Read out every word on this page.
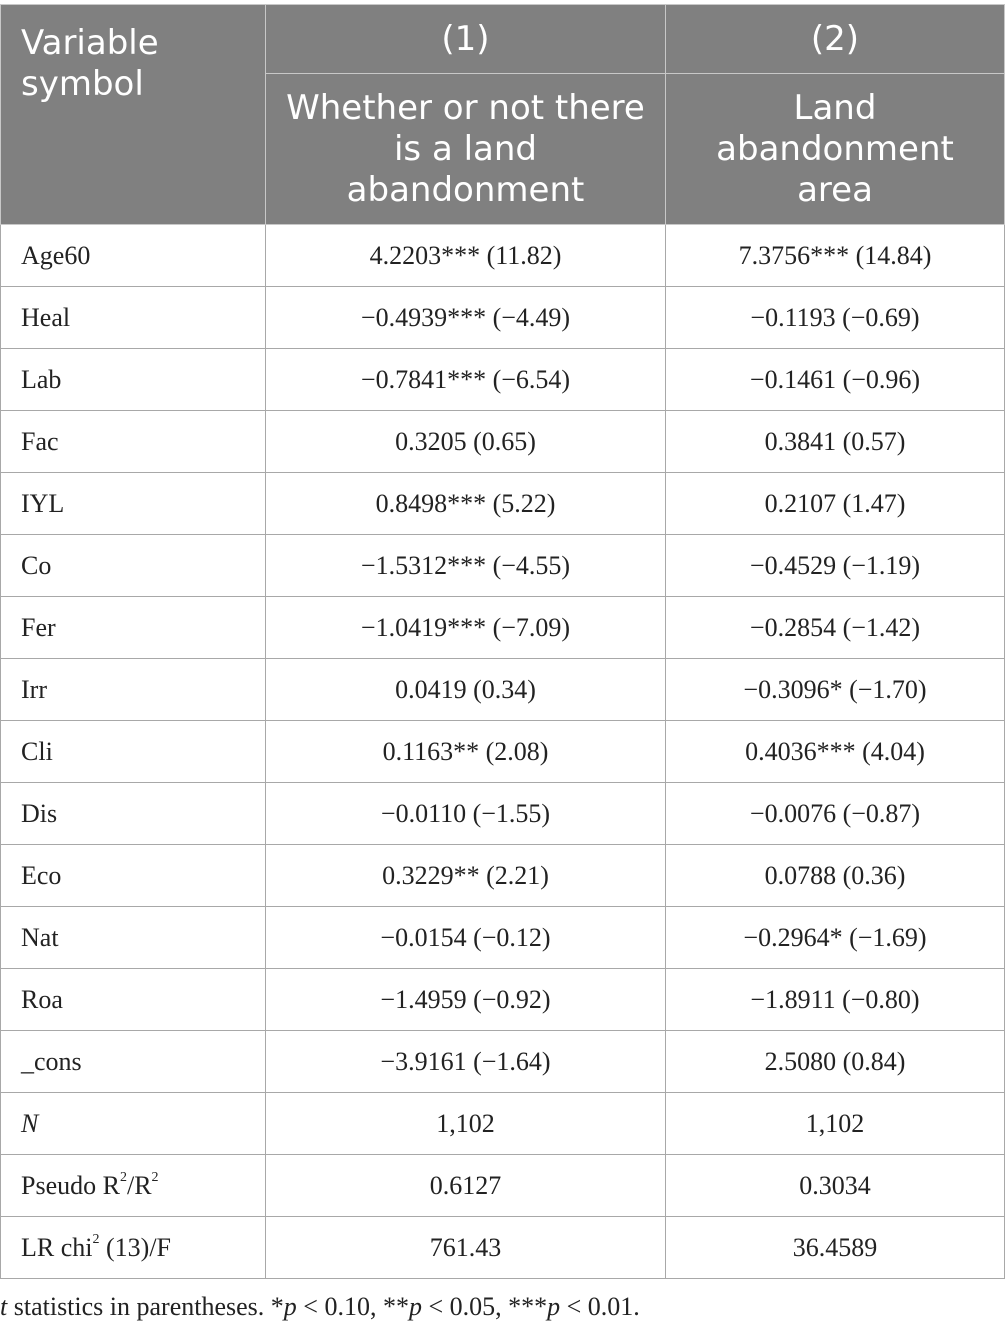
Variable symbol	(1)	(2)
	Whether or not there is a land abandonment	Land abandonment area
Age60	4.2203*** (11.82)	7.3756*** (14.84)
Heal	−0.4939*** (−4.49)	−0.1193 (−0.69)
Lab	−0.7841*** (−6.54)	−0.1461 (−0.96)
Fac	0.3205 (0.65)	0.3841 (0.57)
IYL	0.8498*** (5.22)	0.2107 (1.47)
Co	−1.5312*** (−4.55)	−0.4529 (−1.19)
Fer	−1.0419*** (−7.09)	−0.2854 (−1.42)
Irr	0.0419 (0.34)	−0.3096* (−1.70)
Cli	0.1163** (2.08)	0.4036*** (4.04)
Dis	−0.0110 (−1.55)	−0.0076 (−0.87)
Eco	0.3229** (2.21)	0.0788 (0.36)
Nat	−0.0154 (−0.12)	−0.2964* (−1.69)
Roa	−1.4959 (−0.92)	−1.8911 (−0.80)
_cons	−3.9161 (−1.64)	2.5080 (0.84)
N	1,102	1,102
Pseudo $R^2/R^2$	0.6127	0.3034
LR chi$^2$ (13)/F	761.43	36.4589

t statistics in parentheses. *p < 0.10, **p < 0.05, ***p < 0.01.
